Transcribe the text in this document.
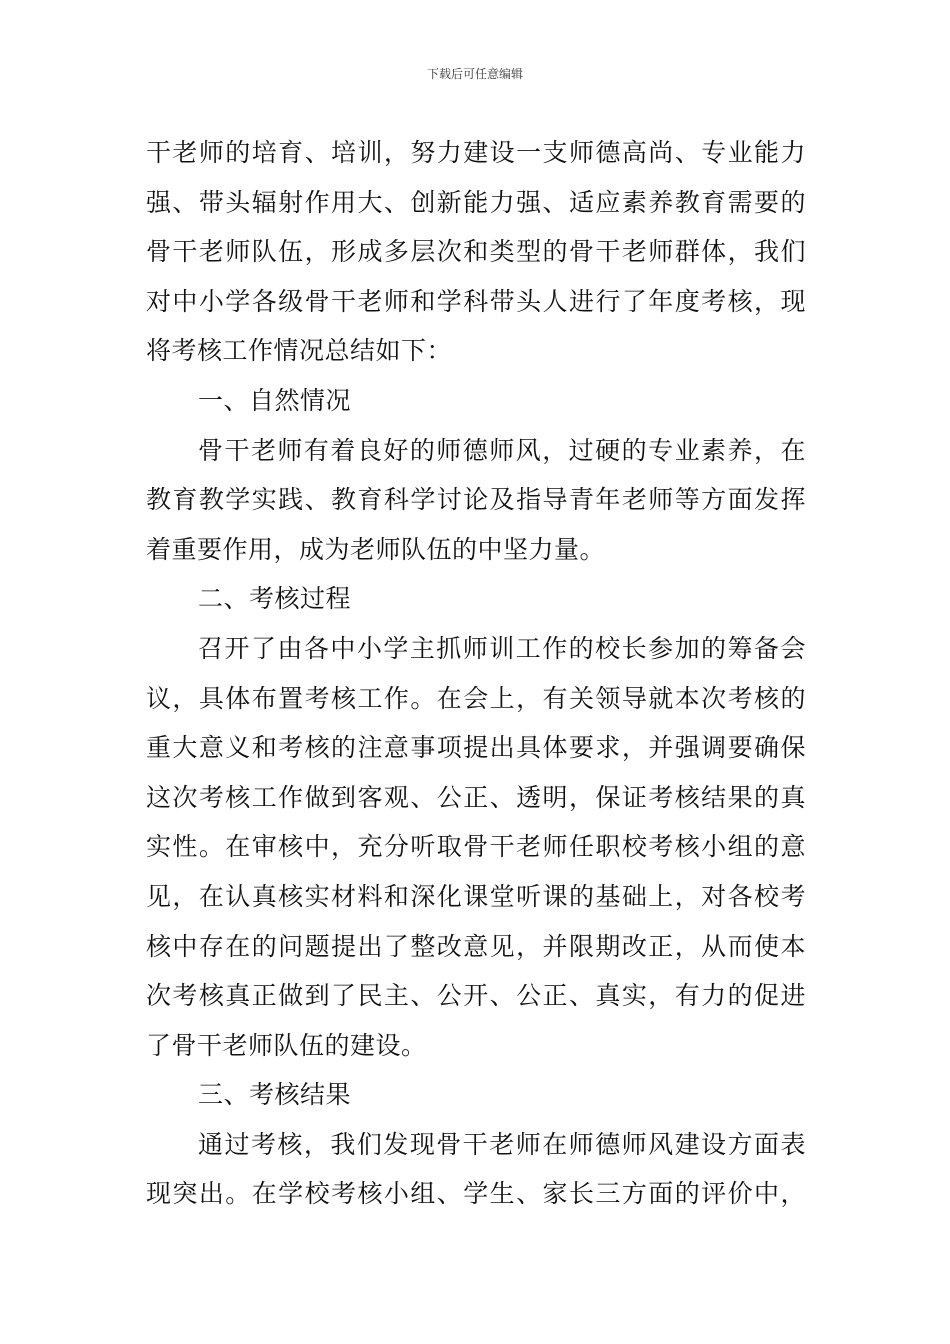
下载后可任意编辑
干老师的培育、培训，努力建设一支师德高尚、专业能力
强、带头辐射作用大、创新能力强、适应素养教育需要的
骨干老师队伍，形成多层次和类型的骨干老师群体，我们
对中小学各级骨干老师和学科带头人进行了年度考核，现
将考核工作情况总结如下：
一、自然情况
骨干老师有着良好的师德师风，过硬的专业素养，在
教育教学实践、教育科学讨论及指导青年老师等方面发挥
着重要作用，成为老师队伍的中坚力量。
二、考核过程
召开了由各中小学主抓师训工作的校长参加的筹备会
议，具体布置考核工作。在会上，有关领导就本次考核的
重大意义和考核的注意事项提出具体要求，并强调要确保
这次考核工作做到客观、公正、透明，保证考核结果的真
实性。在审核中，充分听取骨干老师任职校考核小组的意
见，在认真核实材料和深化课堂听课的基础上，对各校考
核中存在的问题提出了整改意见，并限期改正，从而使本
次考核真正做到了民主、公开、公正、真实，有力的促进
了骨干老师队伍的建设。
三、考核结果
通过考核，我们发现骨干老师在师德师风建设方面表
现突出。在学校考核小组、学生、家长三方面的评价中，
